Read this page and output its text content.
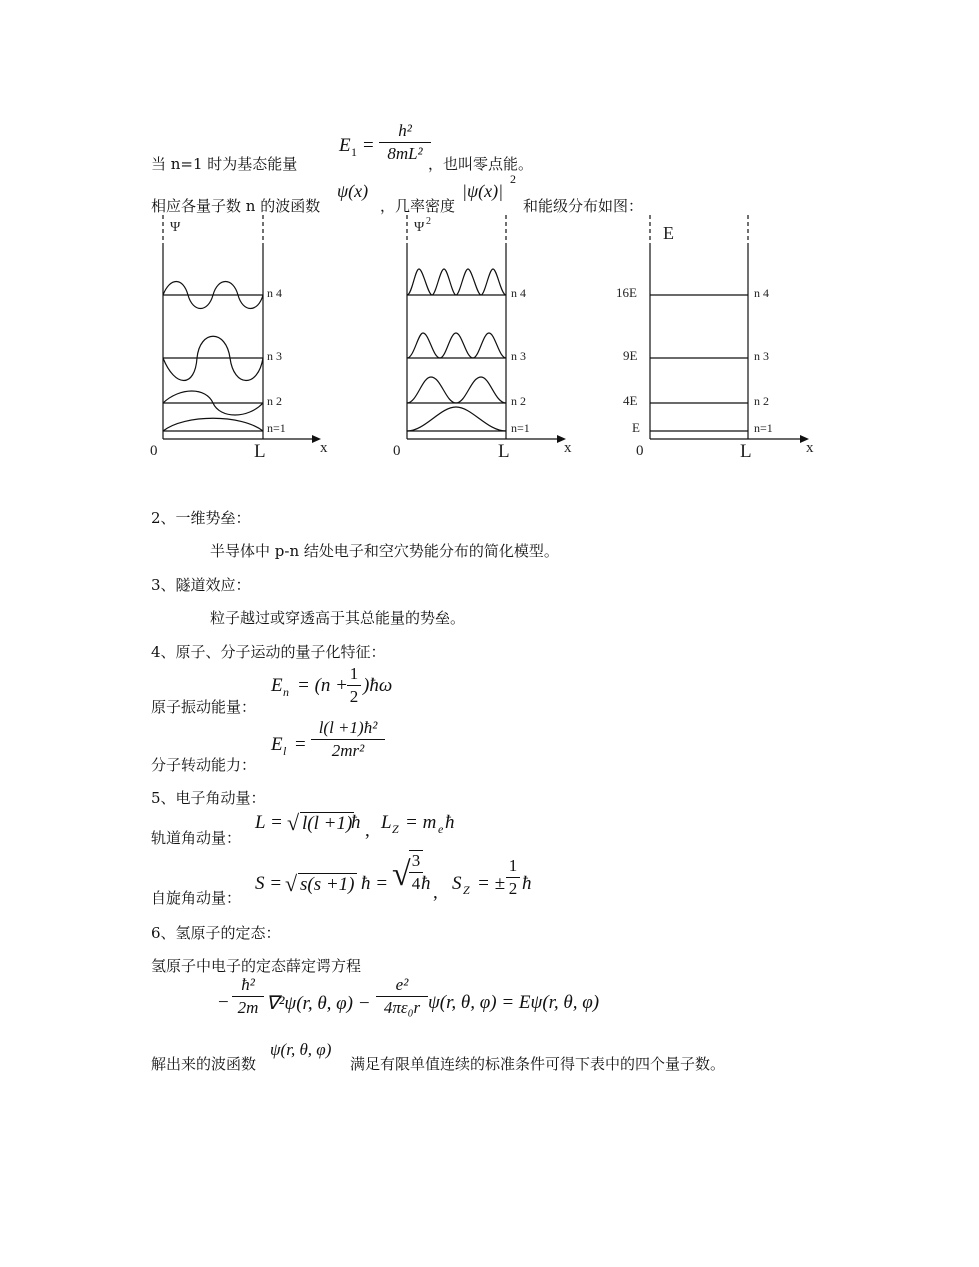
当 n=1 时为基态能量
E $1 = \frac{\text{h²}}{\text{8mL²}}$
，也叫零点能。
相应各量子数 n 的波函数
ψ(x)
，几率密度
|ψ(x)|
2
和能级分布如图：
Ψ
n 4
n 3
n 2
n=1
0	L	x
Ψ 2
n 4
n 3
n 2
n=1
0	L	x
E
16E
9E
4E
E
n 4
n 3
n 2
n=1
0	L	x
2、一维势垒：
半导体中 p-n 结处电子和空穴势能分布的简化模型。
3、隧道效应：
粒子越过或穿透高于其总能量的势垒。
4、原子、分子运动的量子化特征：
原子振动能量：
E $n = (n + \frac{1}{2}$ )ħω
分子转动能力：
E $l = \frac{\text{l(l +1)ħ²}}{\text{2mr²}}$
5、电子角动量：
轨道角动量：
L = √ l(l +1)
ħ , L Z = m e ħ
自旋角动量：
S = √ s(s +1) ħ = √
$\frac{3}{4}$
ħ , S Z = ± $\frac{1}{2}$ ħ
6、氢原子的定态：
氢原子中电子的定态薛定谔方程
− $\frac{\text{ħ²}}{2m} \nabla^2\psi(r$, θ, $\varphi) - \frac{\text{e²}}{\text{4πε₀r}} \psi(r$, θ, φ) = Eψ(r, θ, φ)
解出来的波函数
ψ(r, θ, φ)
满足有限单值连续的标准条件可得下表中的四个量子数。
